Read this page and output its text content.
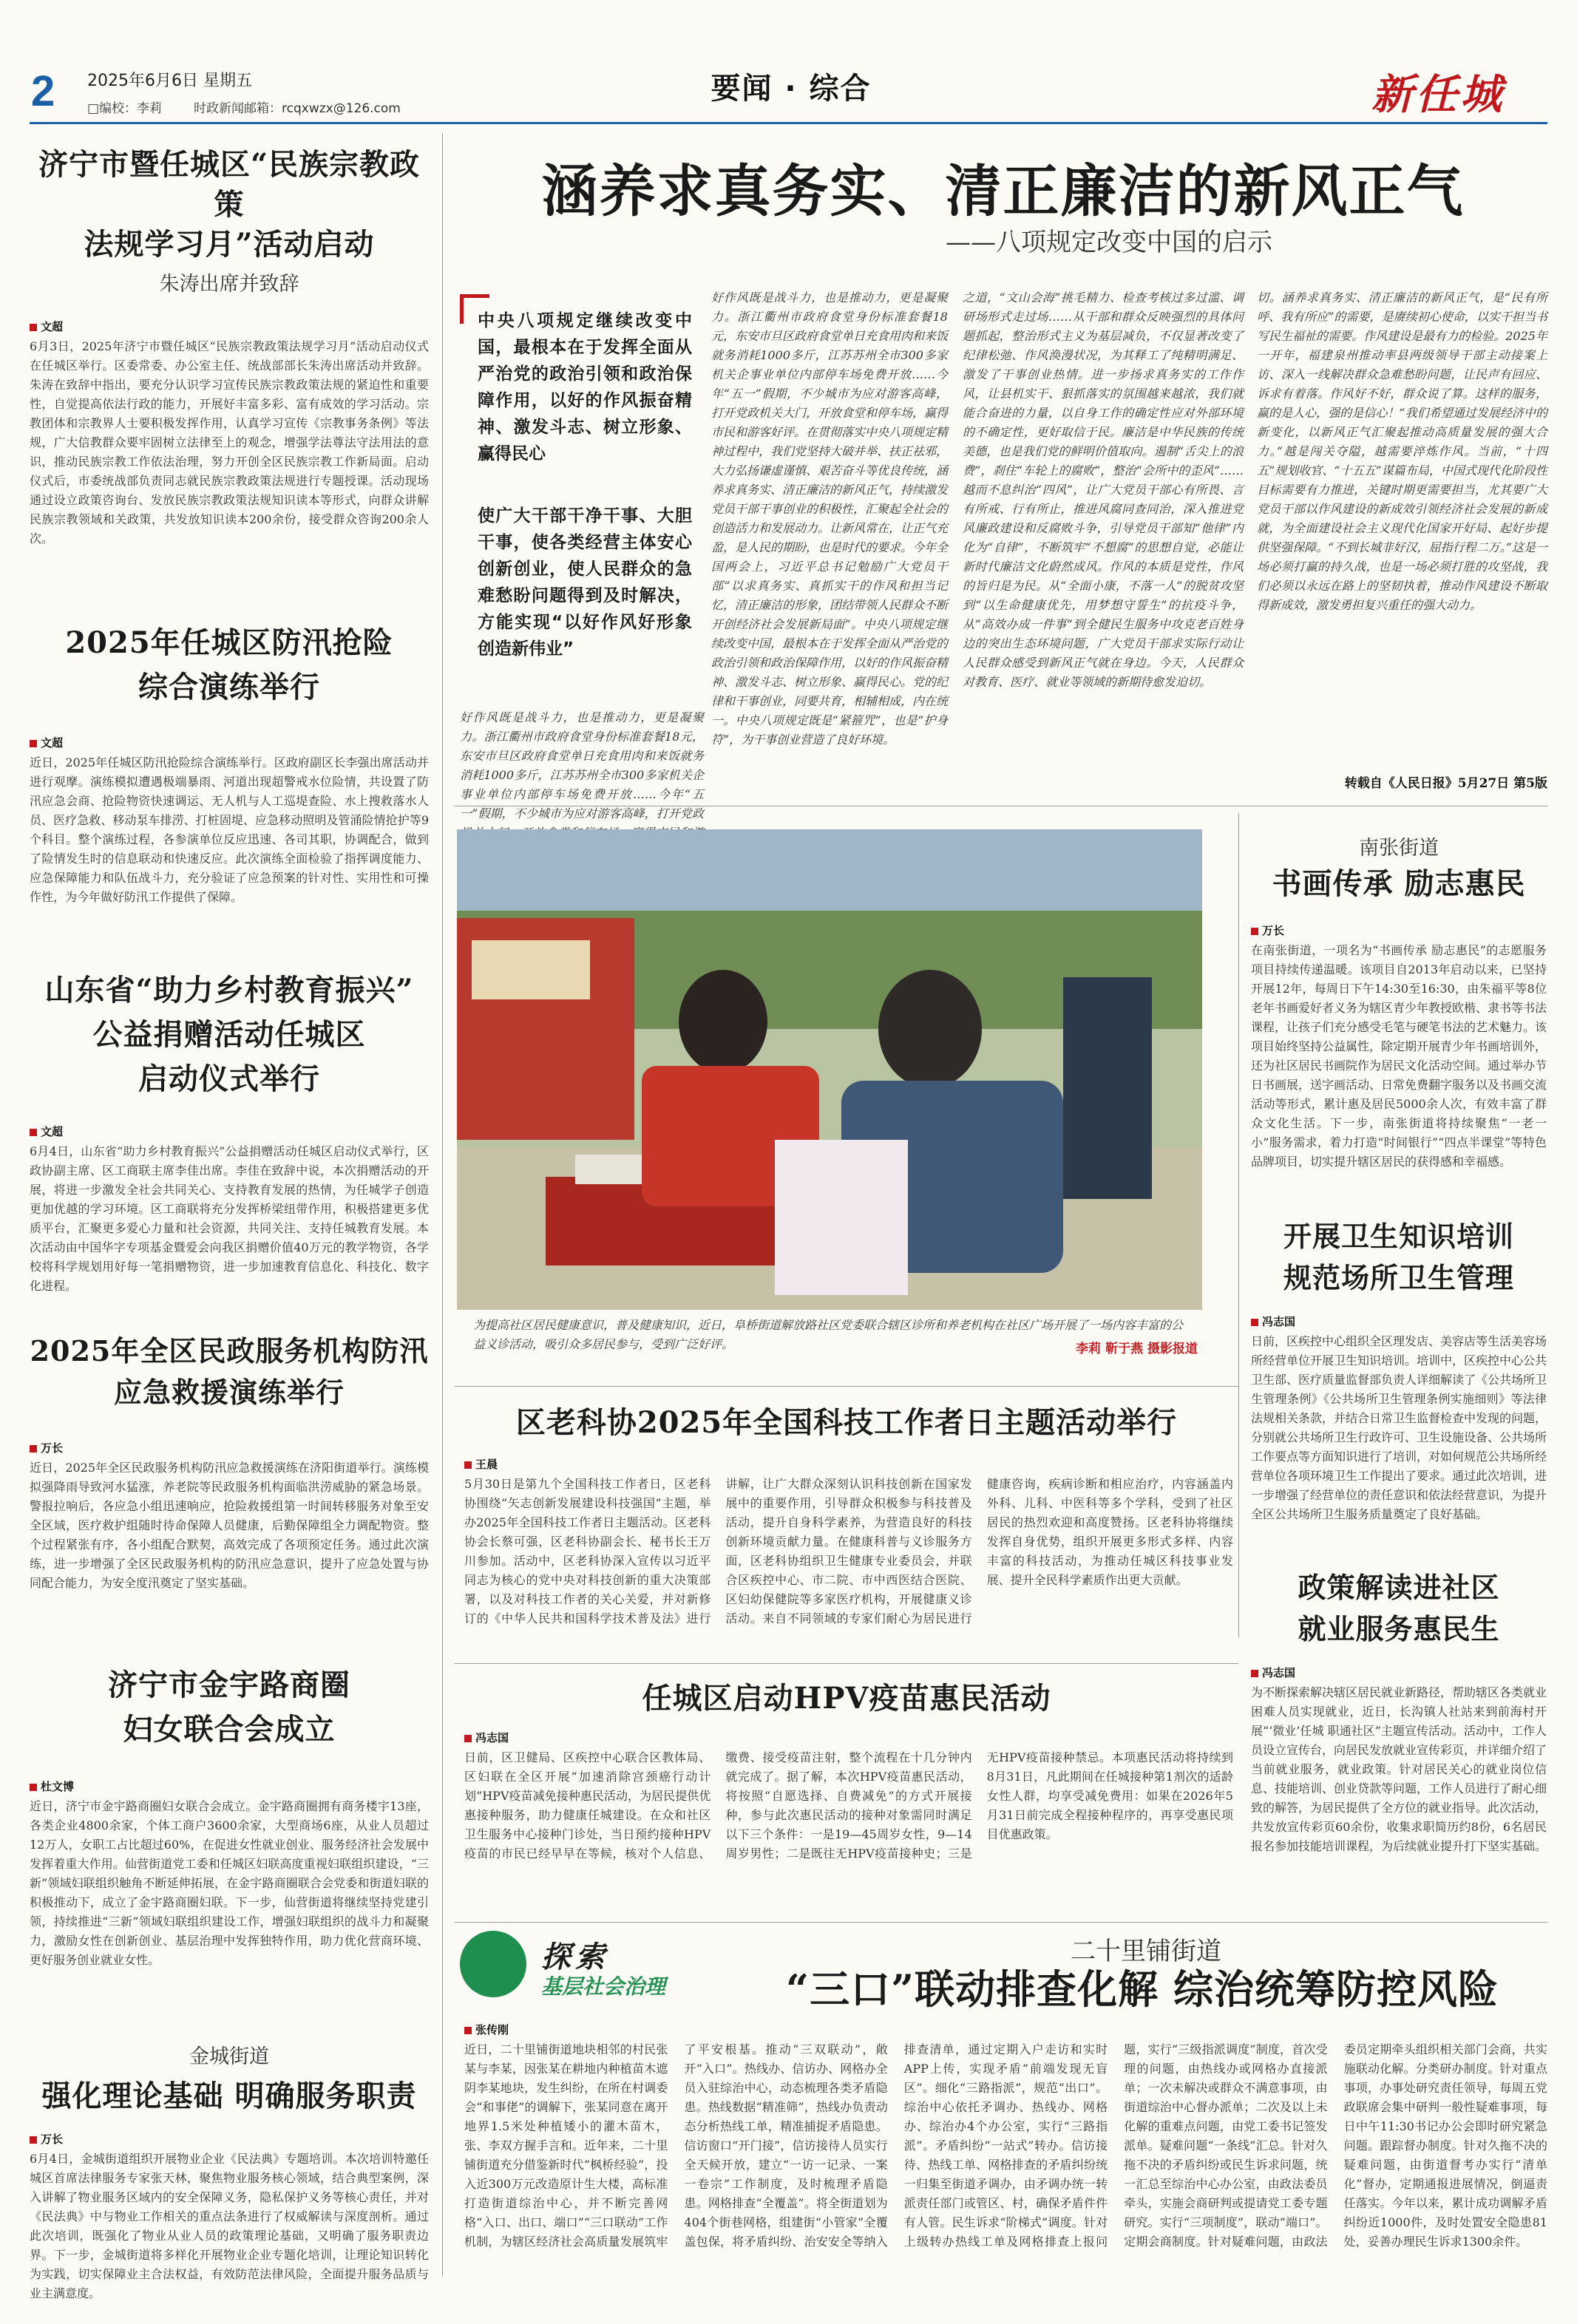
2 2025年6月6日 星期五
□编校：李莉	时政新闻邮箱：rcqxwzx@126.com
要闻 · 综合	新任城
济宁市暨任城区“民族宗教政策
法规学习月”活动启动
朱涛出席并致辞
文超
6月3日，2025年济宁市暨任城区“民族宗教政策法规学习月”活动启动仪式在任城区举行。区委常委、办公室主任、统战部部长朱涛出席活动并致辞。朱涛在致辞中指出，要充分认识学习宣传民族宗教政策法规的紧迫性和重要性，自觉提高依法行政的能力，开展好丰富多彩、富有成效的学习活动。宗教团体和宗教界人士要积极发挥作用，认真学习宣传《宗教事务条例》等法规，广大信教群众要牢固树立法律至上的观念，增强学法尊法守法用法的意识，推动民族宗教工作依法治理，努力开创全区民族宗教工作新局面。启动仪式后，市委统战部负责同志就民族宗教政策法规进行专题授课。活动现场通过设立政策咨询台、发放民族宗教政策法规知识读本等形式，向群众讲解民族宗教领域和关政策，共发放知识读本200余份，接受群众咨询200余人次。
2025年任城区防汛抢险
综合演练举行
文超
近日，2025年任城区防汛抢险综合演练举行。区政府副区长李强出席活动并进行观摩。演练模拟遭遇极端暴雨、河道出现超警戒水位险情，共设置了防汛应急会商、抢险物资快速调运、无人机与人工巡堤查险、水上搜救落水人员、医疗急救、移动泵车排涝、打桩固堤、应急移动照明及管涌险情抢护等9个科目。整个演练过程，各参演单位反应迅速、各司其职，协调配合，做到了险情发生时的信息联动和快速反应。此次演练全面检验了指挥调度能力、应急保障能力和队伍战斗力，充分验证了应急预案的针对性、实用性和可操作性，为今年做好防汛工作提供了保障。
山东省“助力乡村教育振兴”
公益捐赠活动任城区
启动仪式举行
文超
6月4日，山东省“助力乡村教育振兴”公益捐赠活动任城区启动仪式举行，区政协副主席、区工商联主席李佳出席。李佳在致辞中说，本次捐赠活动的开展，将进一步激发全社会共同关心、支持教育发展的热情，为任城学子创造更加优越的学习环境。区工商联将充分发挥桥梁纽带作用，积极搭建更多优质平台，汇聚更多爱心力量和社会资源，共同关注、支持任城教育发展。本次活动由中国华字专项基金暨爱会向我区捐赠价值40万元的教学物资，各学校将科学规划用好每一笔捐赠物资，进一步加速教育信息化、科技化、数字化进程。
2025年全区民政服务机构防汛
应急救援演练举行
万长
近日，2025年全区民政服务机构防汛应急救援演练在济阳街道举行。演练模拟强降雨导致河水猛涨，养老院等民政服务机构面临洪涝威胁的紧急场景。警报拉响后，各应急小组迅速响应，抢险救援组第一时间转移服务对象至安全区域，医疗救护组随时待命保障人员健康，后勤保障组全力调配物资。整个过程紧张有序，各小组配合默契，高效完成了各项预定任务。通过此次演练，进一步增强了全区民政服务机构的防汛应急意识，提升了应急处置与协同配合能力，为安全度汛奠定了坚实基础。
济宁市金宇路商圈
妇女联合会成立
杜文博
近日，济宁市金宇路商圈妇女联合会成立。金宇路商圈拥有商务楼宇13座，各类企业4800余家，个体工商户3600余家，大型商场6座，从业人员超过12万人，女职工占比超过60%，在促进女性就业创业、服务经济社会发展中发挥着重大作用。仙营街道党工委和任城区妇联高度重视妇联组织建设，“三新”领域妇联组织触角不断延伸拓展，在金宇路商圈联合会党委和街道妇联的积极推动下，成立了金宇路商圈妇联。下一步，仙营街道将继续坚持党建引领，持续推进“三新”领域妇联组织建设工作，增强妇联组织的战斗力和凝聚力，激励女性在创新创业、基层治理中发挥独特作用，助力优化营商环境、更好服务创业就业女性。
金城街道
强化理论基础 明确服务职责
万长
6月4日，金城街道组织开展物业企业《民法典》专题培训。本次培训特邀任城区首席法律服务专家张天林，聚焦物业服务核心领域，结合典型案例，深入讲解了物业服务区域内的安全保障义务，隐私保护义务等核心责任，并对《民法典》中与物业工作相关的重点法条进行了权威解读与深度剖析。通过此次培训，既强化了物业从业人员的政策理论基础，又明确了服务职责边界。下一步，金城街道将多样化开展物业企业专题化培训，让理论知识转化为实践，切实保障业主合法权益，有效防范法律风险，全面提升服务品质与业主满意度。
涵养求真务实、清正廉洁的新风正气
——八项规定改变中国的启示
中央八项规定继续改变中国，最根本在于发挥全面从严治党的政治引领和政治保障作用，以好的作风振奋精神、激发斗志、树立形象、赢得民心
使广大干部干净干事、大胆干事，使各类经营主体安心创新创业，使人民群众的急难愁盼问题得到及时解决，方能实现“以好作风好形象创造新伟业”
好作风既是战斗力，也是推动力，更是凝聚力。浙江衢州市政府食堂身份标准套餐18元，东安市旦区政府食堂单日充食用肉和来饭就务消耗1000多斤，江苏苏州全市300多家机关企事业单位内部停车场免费开放……今年“五一”假期，不少城市为应对游客高峰，打开党政
好作风既是战斗力，也是推动力，更是凝聚力。浙江衢州市政府食堂身份标准套餐18元，东安市旦区政府食堂单日充食用肉和来饭就务消耗1000多斤，江苏苏州全市300多家机关企事业单位内部停车场免费开放……今年“五一”假期，不少城市为应对游客高峰，打开党政机关大门，开放食堂和停车场，赢得市民和游客好评。在贯彻落实中央八项规定精神过程中，我们党坚持大破并举、扶正祛邪，大力弘扬谦虚谨慎、艰苦奋斗等优良传统，涵养求真务实、清正廉洁的新风正气，持续激发党员干部干事创业的积极性，汇聚起全社会的创造活力和发展动力。让新风常在，让正气充盈，是人民的期盼，也是时代的要求。今年全国两会上，习近平总书记勉励广大党员干部“以求真务实、真抓实干的作风和担当记忆，清正廉洁的形象，团结带领人民群众不断开创经济社会发展新局面”。中央八项规定继续改变中国，最根本在于发挥全面从严治党的政治引领和政治保障作用，以好的作风振奋精神、激发斗志、树立形象、赢得民心。党的纪律和干事创业，同要共育，相辅相成，内在统一。中央八项规定既是“紧箍咒”，也是“护身符”，为干事创业营造了良好环境。
之道，“文山会海”挑毛精力、检查考核过多过滥、调研场形式走过场……从干部和群众反映强烈的具体问题抓起，整治形式主义为基层减负，不仅显著改变了纪律松弛、作风涣漫状况，为其释工了纯精明满足、激发了干事创业热情。进一步扬求真务实的工作作风，让县机实干、狠抓落实的氛围越来越浓，我们就能合奋进的力量，以自身工作的确定性应对外部环境的不确定性，更好取信于民。廉洁是中华民族的传统美德，也是我们党的鲜明价值取向。遏制“舌尖上的浪费”，刹住“车轮上的腐败”，整治“会所中的歪风”……越而不息纠治“四风”，让广大党员干部心有所畏、言有所戒、行有所止，推进风腐同查同治，深入推进党风廉政建设和反腐败斗争，引导党员干部知“他律”内化为“自律”，不断筑牢“不想腐”的思想自觉，必能让新时代廉洁文化蔚然成风。作风的本质是党性，作风的旨归是为民。从“全面小康，不落一人”的脱贫攻坚到“以生命健康优先，用梦想守誓生”的抗疫斗争，从“高效办成一件事”到全健民生服务中攻克老百姓身边的突出生态环境问题，广大党员干部求实际行动让人民群众感受到新风正气就在身边。今天，人民群众对教育、医疗、就业等领域的新期待愈发迫切。
切。涵养求真务实、清正廉洁的新风正气，是“民有所呼、我有所应”的需要，是赓续初心使命，以实干担当书写民生福祉的需要。作风建设是最有力的检验。2025年一开年，福建泉州推动率县两级领导干部主动接案上访、深入一线解决群众急难愁盼问题，让民声有回应、诉求有着落。作风好不好，群众说了算。这样的服务，赢的是人心，强的是信心！“我们希望通过发展经济中的新变化，以新风正气汇聚起推动高质量发展的强大合力。”越是闯关夺隘，越需要淬炼作风。当前，“十四五”规划收官、“十五五”谋篇布局，中国式现代化阶段性目标需要有力推进，关键时期更需要担当，尤其要广大党员干部以作风建设的新成效引领经济社会发展的新成就，为全面建设社会主义现代化国家开好局、起好步提供坚强保障。“不到长城非好汉，屈指行程二万。”这是一场必须打赢的持久战，也是一场必须打胜的攻坚战，我们必须以永远在路上的坚韧执着，推动作风建设不断取得新成效，激发勇担复兴重任的强大动力。
转载自《人民日报》5月27日 第5版
为提高社区居民健康意识，普及健康知识，近日，阜桥街道解放路社区党委联合辖区诊所和养老机构在社区广场开展了一场内容丰富的公益义诊活动，吸引众多居民参与，受到广泛好评。	李莉 靳于燕 摄影报道
南张街道
书画传承 励志惠民
万长
在南张街道，一项名为“书画传承 励志惠民”的志愿服务项目持续传递温暖。该项目自2013年启动以来，已坚持开展12年，每周日下午14:30至16:30，由朱福平等8位老年书画爱好者义务为辖区青少年教授欧楷、隶书等书法课程，让孩子们充分感受毛笔与硬笔书法的艺术魅力。该项目始终坚持公益属性，除定期开展青少年书画培训外，还为社区居民书画院作为居民文化活动空间。通过举办节日书画展，送字画活动、日常免费翻字服务以及书画交流活动等形式，累计惠及居民5000余人次，有效丰富了群众文化生活。下一步，南张街道将持续聚焦“一老一小”服务需求，着力打造“时间银行”“四点半课堂”等特色品牌项目，切实提升辖区居民的获得感和幸福感。
开展卫生知识培训
规范场所卫生管理
冯志国
日前，区疾控中心组织全区理发店、美容店等生活美容场所经营单位开展卫生知识培训。培训中，区疾控中心公共卫生部、医疗质量监督部负责人详细解读了《公共场所卫生管理条例》《公共场所卫生管理条例实施细则》等法律法规相关条款，并结合日常卫生监督检查中发现的问题，分别就公共场所卫生行政许可、卫生设施设备、公共场所工作要点等方面知识进行了培训，对如何规范公共场所经营单位各项环境卫生工作提出了要求。通过此次培训，进一步增强了经营单位的责任意识和依法经营意识，为提升全区公共场所卫生服务质量奠定了良好基础。
政策解读进社区
就业服务惠民生
冯志国
为不断探索解决辖区居民就业新路径，帮助辖区各类就业困难人员实现就业，近日，长沟镇人社站来到前海村开展“‘微业’任城 职通社区”主题宣传活动。活动中，工作人员设立宣传台，向居民发放就业宣传彩页，并详细介绍了当前就业服务，就业政策。针对居民关心的就业岗位信息、技能培训、创业贷款等问题，工作人员进行了耐心细致的解答，为居民提供了全方位的就业指导。此次活动，共发放宣传彩页60余份，收集求职简历约8份，6名居民报名参加技能培训课程，为后续就业提升打下坚实基础。
区老科协2025年全国科技工作者日主题活动举行
王晨
5月30日是第九个全国科技工作者日，区老科协围绕“矢志创新发展建设科技强国”主题，举办2025年全国科技工作者日主题活动。区老科协会长蔡可强，区老科协副会长、秘书长王万川参加。活动中，区老科协深入宣传以习近平同志为核心的党中央对科技创新的重大决策部署，以及对科技工作者的关心关爱，并对新修订的《中华人民共和国科学技术普及法》进行讲解，让广大群众深刻认识科技创新在国家发展中的重要作用，引导群众积极参与科技普及活动，提升自身科学素养，为营造良好的科技创新环境贡献力量。在健康科普与义诊服务方面，区老科协组织卫生健康专业委员会，并联合区疾控中心、市二院、市中西医结合医院、区妇幼保健院等多家医疗机构，开展健康义诊活动。来自不同领域的专家们耐心为居民进行健康咨询，疾病诊断和相应治疗，内容涵盖内外科、儿科、中医科等多个学科，受到了社区居民的热烈欢迎和高度赞扬。区老科协将继续发挥自身优势，组织开展更多形式多样、内容丰富的科技活动，为推动任城区科技事业发展、提升全民科学素质作出更大贡献。
任城区启动HPV疫苗惠民活动
冯志国
日前，区卫健局、区疾控中心联合区教体局、区妇联在全区开展“加速消除宫颈癌行动计划”HPV疫苗减免接种惠民活动，为居民提供优惠接种服务，助力健康任城建设。在众和社区卫生服务中心接种门诊处，当日预约接种HPV疫苗的市民已经早早在等候，核对个人信息、缴费、接受疫苗注射，整个流程在十几分钟内就完成了。据了解，本次HPV疫苗惠民活动，将按照“自愿选择、自费减免”的方式开展接种，参与此次惠民活动的接种对象需同时满足以下三个条件：一是19—45周岁女性，9—14周岁男性；二是既往无HPV疫苗接种史；三是无HPV疫苗接种禁忌。本项惠民活动将持续到8月31日，凡此期间在任城接种第1剂次的适龄女性人群，均享受减免费用：如果在2026年5月31日前完成全程接种程序的，再享受惠民项目优惠政策。
探索
基层社会治理
二十里铺街道
“三口”联动排查化解 综治统筹防控风险
张传刚
近日，二十里铺街道地块相邻的村民张某与李某，因张某在耕地内种植苗木遮阴李某地块，发生纠纷，在所在村调委会“和事佬”的调解下，张某同意在离开地界1.5米处种植矮小的灌木苗木，张、李双方握手言和。近年来，二十里铺街道充分借鉴新时代“枫桥经验”，投入近300万元改造原计生大楼，高标准打造街道综治中心，并不断完善网格“入口、出口、端口”“三口联动”工作机制，为辖区经济社会高质量发展筑牢了平安根基。推动“三双联动”，敞开“入口”。热线办、信访办、网格办全员入驻综治中心，动态梳理各类矛盾隐患。热线数据“精准筛”，热线办负责动态分析热线工单，精准捕捉矛盾隐患。信访窗口“开门接”，信访接待人员实行全天候开放，建立“一访一记录、一案一卷宗”工作制度，及时梳理矛盾隐患。网格排查“全覆盖”。将全街道划为404个街巷网格，组建街“小管家”全覆盖包保，将矛盾纠纷、治安安全等纳入排查清单，通过定期入户走访和实时APP上传，实现矛盾“前端发现无盲区”。细化“三路指派”，规范“出口”。综治中心依托矛调办、热线办、网格办、综治办4个办公室，实行“三路指派”。矛盾纠纷“一站式”转办。信访接待、热线工单、网格排查的矛盾纠纷统一归集至街道矛调办，由矛调办统一转派责任部门或管区、村，确保矛盾件件有人管。民生诉求“阶梯式”调度。针对上级转办热线工单及网格排查上报问题，实行“三级指派调度”制度，首次受理的问题，由热线办或网格办直接派单；一次未解决或群众不满意事项，由街道综治中心督办派单；二次及以上未化解的重难点问题，由党工委书记签发派单。疑难问题“一条线”汇总。针对久拖不决的矛盾纠纷或民生诉求问题，统一汇总至综治中心办公室，由政法委员牵头，实施会商研判或提请党工委专题研究。实行“三项制度”，联动“端口”。定期会商制度。针对疑难问题，由政法委员定期牵头组织相关部门会商，共实施联动化解。分类研办制度。针对重点事项，办事处研究责任领导，每周五党政联席会集中研判一般性疑难事项，每日中午11:30书记办公会即时研究紧急问题。跟踪督办制度。针对久拖不决的疑难问题，由街道督考办实行“清单化”督办，定期通报进展情况，倒逼责任落实。今年以来，累计成功调解矛盾纠纷近1000件，及时处置安全隐患81处，妥善办理民生诉求1300余件。
